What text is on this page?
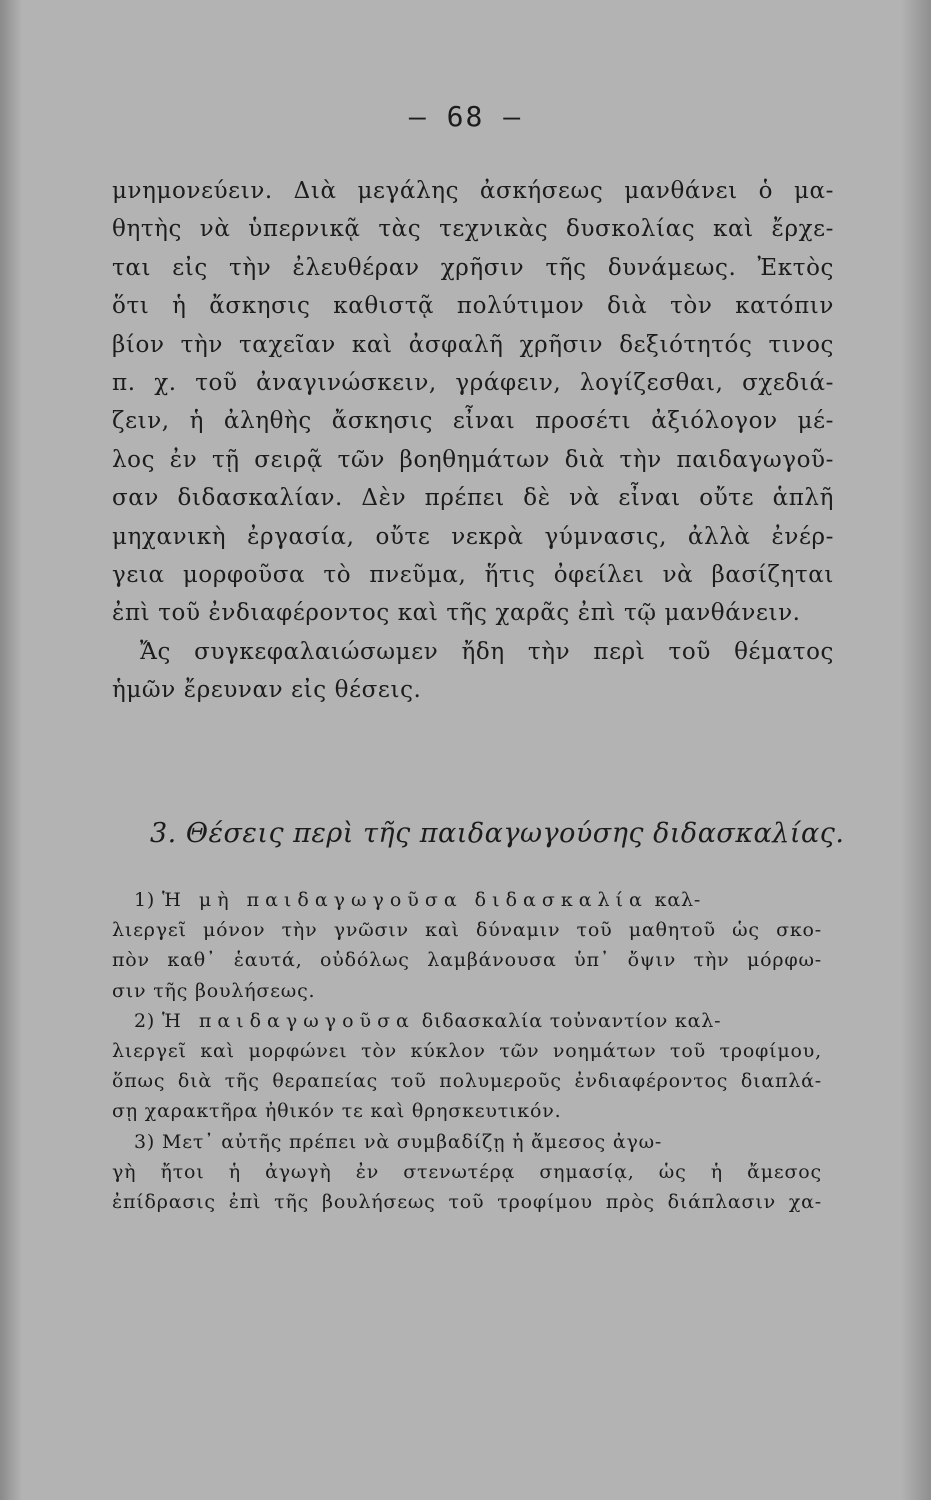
— 68 —
μνημονεύειν. Διὰ μεγάλης ἀσκήσεως μανθάνει ὁ μα-
θητὴς νὰ ὑπερνικᾷ τὰς τεχνικὰς δυσκολίας καὶ ἔρχε-
ται εἰς τὴν ἐλευθέραν χρῆσιν τῆς δυνάμεως. Ἐκτὸς
ὅτι ἡ ἄσκησις καθιστᾷ πολύτιμον διὰ τὸν κατόπιν
βίον τὴν ταχεῖαν καὶ ἀσφαλῆ χρῆσιν δεξιότητός τινος
π. χ. τοῦ ἀναγινώσκειν, γράφειν, λογίζεσθαι, σχεδιά-
ζειν, ἡ ἀληθὴς ἄσκησις εἶναι προσέτι ἀξιόλογον μέ-
λος ἐν τῇ σειρᾷ τῶν βοηθημάτων διὰ τὴν παιδαγωγοῦ-
σαν διδασκαλίαν. Δὲν πρέπει δὲ νὰ εἶναι οὔτε ἁπλῆ
μηχανικὴ ἐργασία, οὔτε νεκρὰ γύμνασις, ἀλλὰ ἐνέρ-
γεια μορφοῦσα τὸ πνεῦμα, ἥτις ὀφείλει νὰ βασίζηται
ἐπὶ τοῦ ἐνδιαφέροντος καὶ τῆς χαρᾶς ἐπὶ τῷ μανθάνειν.
Ἄς συγκεφαλαιώσωμεν ἤδη τὴν περὶ τοῦ θέματος
ἡμῶν ἔρευναν εἰς θέσεις.
3. Θέσεις περὶ τῆς παιδαγωγούσης διδασκαλίας.
1) Ἡ μὴ παιδαγωγοῦσα διδασκαλία καλ-
λιεργεῖ μόνον τὴν γνῶσιν καὶ δύναμιν τοῦ μαθητοῦ ὡς σκο-
πὸν καθ᾽ ἑαυτά, οὐδόλως λαμβάνουσα ὑπ᾽ ὄψιν τὴν μόρφω-
σιν τῆς βουλήσεως.
2) Ἡ παιδαγωγοῦσα διδασκαλία τοὐναντίον καλ-
λιεργεῖ καὶ μορφώνει τὸν κύκλον τῶν νοημάτων τοῦ τροφίμου,
ὅπως διὰ τῆς θεραπείας τοῦ πολυμεροῦς ἐνδιαφέροντος διαπλά-
σῃ χαρακτῆρα ἠθικόν τε καὶ θρησκευτικόν.
3) Μετ᾽ αὐτῆς πρέπει νὰ συμβαδίζῃ ἡ ἄμεσος ἀγω-
γὴ ἤτοι ἡ ἀγωγὴ ἐν στενωτέρᾳ σημασίᾳ, ὡς ἡ ἄμεσος
ἐπίδρασις ἐπὶ τῆς βουλήσεως τοῦ τροφίμου πρὸς διάπλασιν χα-
